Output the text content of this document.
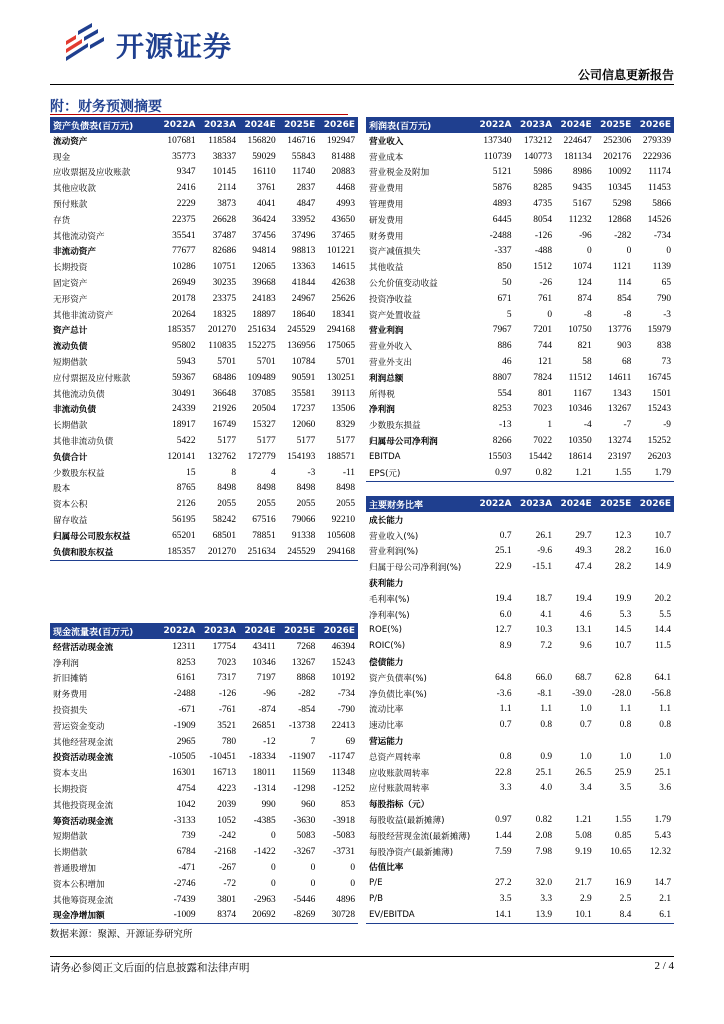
开源证券
公司信息更新报告
附：财务预测摘要
资产负债表(百万元)	2022A	2023A	2024E	2025E	2026E
流动资产	107681	118584	156820	146716	192947
现金	35773	38337	59029	55843	81488
应收票据及应收账款	9347	10145	16110	11740	20883
其他应收款	2416	2114	3761	2837	4468
预付账款	2229	3873	4041	4847	4993
存货	22375	26628	36424	33952	43650
其他流动资产	35541	37487	37456	37496	37465
非流动资产	77677	82686	94814	98813	101221
长期投资	10286	10751	12065	13363	14615
固定资产	26949	30235	39668	41844	42638
无形资产	20178	23375	24183	24967	25626
其他非流动资产	20264	18325	18897	18640	18341
资产总计	185357	201270	251634	245529	294168
流动负债	95802	110835	152275	136956	175065
短期借款	5943	5701	5701	10784	5701
应付票据及应付账款	59367	68486	109489	90591	130251
其他流动负债	30491	36648	37085	35581	39113
非流动负债	24339	21926	20504	17237	13506
长期借款	18917	16749	15327	12060	8329
其他非流动负债	5422	5177	5177	5177	5177
负债合计	120141	132762	172779	154193	188571
少数股东权益	15	8	4	-3	-11
股本	8765	8498	8498	8498	8498
资本公积	2126	2055	2055	2055	2055
留存收益	56195	58242	67516	79066	92210
归属母公司股东权益	65201	68501	78851	91338	105608
负债和股东权益	185357	201270	251634	245529	294168
现金流量表(百万元)	2022A	2023A	2024E	2025E	2026E
经营活动现金流	12311	17754	43411	7268	46394
净利润	8253	7023	10346	13267	15243
折旧摊销	6161	7317	7197	8868	10192
财务费用	-2488	-126	-96	-282	-734
投资损失	-671	-761	-874	-854	-790
营运资金变动	-1909	3521	26851	-13738	22413
其他经营现金流	2965	780	-12	7	69
投资活动现金流	-10505	-10451	-18334	-11907	-11747
资本支出	16301	16713	18011	11569	11348
长期投资	4754	4223	-1314	-1298	-1252
其他投资现金流	1042	2039	990	960	853
筹资活动现金流	-3133	1052	-4385	-3630	-3918
短期借款	739	-242	0	5083	-5083
长期借款	6784	-2168	-1422	-3267	-3731
普通股增加	-471	-267	0	0	0
资本公积增加	-2746	-72	0	0	0
其他筹资现金流	-7439	3801	-2963	-5446	4896
现金净增加额	-1009	8374	20692	-8269	30728
利润表(百万元)	2022A	2023A	2024E	2025E	2026E
营业收入	137340	173212	224647	252306	279339
营业成本	110739	140773	181134	202176	222936
营业税金及附加	5121	5986	8986	10092	11174
营业费用	5876	8285	9435	10345	11453
管理费用	4893	4735	5167	5298	5866
研发费用	6445	8054	11232	12868	14526
财务费用	-2488	-126	-96	-282	-734
资产减值损失	-337	-488	0	0	0
其他收益	850	1512	1074	1121	1139
公允价值变动收益	50	-26	124	114	65
投资净收益	671	761	874	854	790
资产处置收益	5	0	-8	-8	-3
营业利润	7967	7201	10750	13776	15979
营业外收入	886	744	821	903	838
营业外支出	46	121	58	68	73
利润总额	8807	7824	11512	14611	16745
所得税	554	801	1167	1343	1501
净利润	8253	7023	10346	13267	15243
少数股东损益	-13	1	-4	-7	-9
归属母公司净利润	8266	7022	10350	13274	15252
EBITDA	15503	15442	18614	23197	26203
EPS(元)	0.97	0.82	1.21	1.55	1.79
主要财务比率	2022A	2023A	2024E	2025E	2026E
成长能力					
营业收入(%)	0.7	26.1	29.7	12.3	10.7
营业利润(%)	25.1	-9.6	49.3	28.2	16.0
归属于母公司净利润(%)	22.9	-15.1	47.4	28.2	14.9
获利能力					
毛利率(%)	19.4	18.7	19.4	19.9	20.2
净利率(%)	6.0	4.1	4.6	5.3	5.5
ROE(%)	12.7	10.3	13.1	14.5	14.4
ROIC(%)	8.9	7.2	9.6	10.7	11.5
偿债能力					
资产负债率(%)	64.8	66.0	68.7	62.8	64.1
净负债比率(%)	-3.6	-8.1	-39.0	-28.0	-56.8
流动比率	1.1	1.1	1.0	1.1	1.1
速动比率	0.7	0.8	0.7	0.8	0.8
营运能力					
总资产周转率	0.8	0.9	1.0	1.0	1.0
应收账款周转率	22.8	25.1	26.5	25.9	25.1
应付账款周转率	3.3	4.0	3.4	3.5	3.6
每股指标（元）					
每股收益(最新摊薄)	0.97	0.82	1.21	1.55	1.79
每股经营现金流(最新摊薄)	1.44	2.08	5.08	0.85	5.43
每股净资产(最新摊薄)	7.59	7.98	9.19	10.65	12.32
估值比率					
P/E	27.2	32.0	21.7	16.9	14.7
P/B	3.5	3.3	2.9	2.5	2.1
EV/EBITDA	14.1	13.9	10.1	8.4	6.1
数据来源：聚源、开源证券研究所
请务必参阅正文后面的信息披露和法律声明	2 / 4
